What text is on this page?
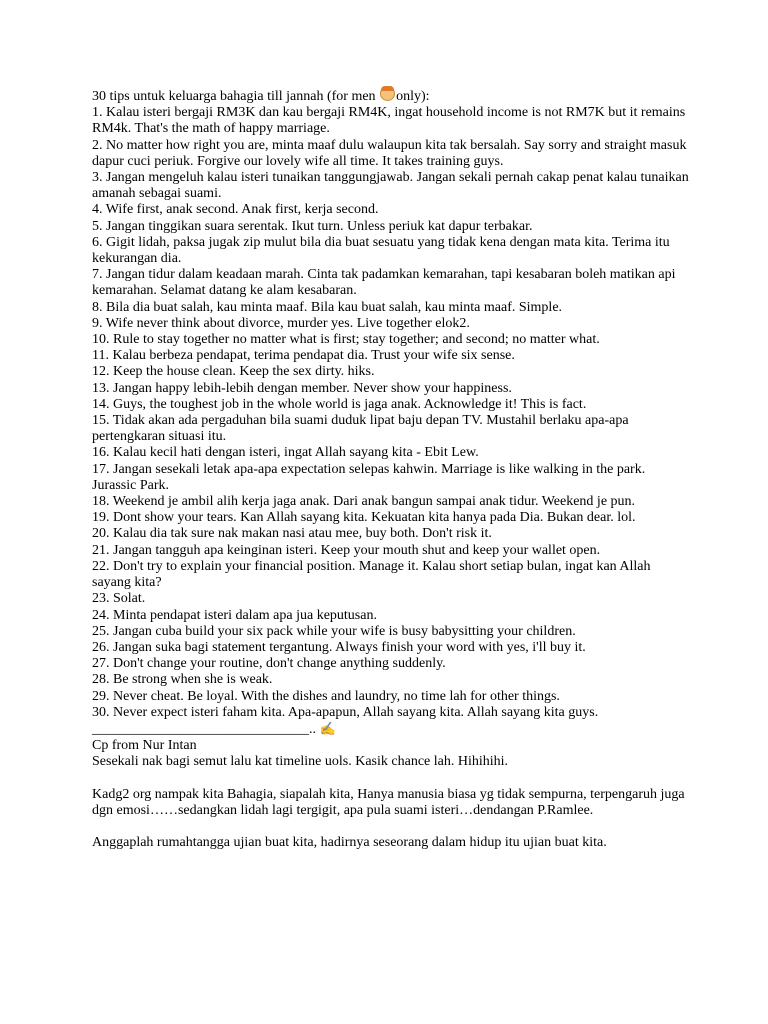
30 tips untuk keluarga bahagia till jannah (for men only):
1. Kalau isteri bergaji RM3K dan kau bergaji RM4K, ingat household income is not RM7K but it remains RM4k. That's the math of happy marriage.
2. No matter how right you are, minta maaf dulu walaupun kita tak bersalah. Say sorry and straight masuk dapur cuci periuk. Forgive our lovely wife all time. It takes training guys.
3. Jangan mengeluh kalau isteri tunaikan tanggungjawab. Jangan sekali pernah cakap penat kalau tunaikan amanah sebagai suami.
4. Wife first, anak second. Anak first, kerja second.
5. Jangan tinggikan suara serentak. Ikut turn. Unless periuk kat dapur terbakar.
6. Gigit lidah, paksa jugak zip mulut bila dia buat sesuatu yang tidak kena dengan mata kita. Terima itu kekurangan dia.
7. Jangan tidur dalam keadaan marah. Cinta tak padamkan kemarahan, tapi kesabaran boleh matikan api kemarahan. Selamat datang ke alam kesabaran.
8. Bila dia buat salah, kau minta maaf. Bila kau buat salah, kau minta maaf. Simple.
9. Wife never think about divorce, murder yes. Live together elok2.
10. Rule to stay together no matter what is first; stay together; and second; no matter what.
11. Kalau berbeza pendapat, terima pendapat dia. Trust your wife six sense.
12. Keep the house clean. Keep the sex dirty. hiks.
13. Jangan happy lebih-lebih dengan member. Never show your happiness.
14. Guys, the toughest job in the whole world is jaga anak. Acknowledge it! This is fact.
15. Tidak akan ada pergaduhan bila suami duduk lipat baju depan TV. Mustahil berlaku apa-apa pertengkaran situasi itu.
16. Kalau kecil hati dengan isteri, ingat Allah sayang kita - Ebit Lew.
17. Jangan sesekali letak apa-apa expectation selepas kahwin. Marriage is like walking in the park. Jurassic Park.
18. Weekend je ambil alih kerja jaga anak. Dari anak bangun sampai anak tidur. Weekend je pun.
19. Dont show your tears. Kan Allah sayang kita. Kekuatan kita hanya pada Dia. Bukan dear. lol.
20. Kalau dia tak sure nak makan nasi atau mee, buy both. Don't risk it.
21. Jangan tangguh apa keinginan isteri. Keep your mouth shut and keep your wallet open.
22. Don't try to explain your financial position. Manage it. Kalau short setiap bulan, ingat kan Allah sayang kita?
23. Solat.
24. Minta pendapat isteri dalam apa jua keputusan.
25. Jangan cuba build your six pack while your wife is busy babysitting your children.
26. Jangan suka bagi statement tergantung. Always finish your word with yes, i'll buy it.
27. Don't change your routine, don't change anything suddenly.
28. Be strong when she is weak.
29. Never cheat. Be loyal. With the dishes and laundry, no time lah for other things.
30. Never expect isteri faham kita. Apa-apapun, Allah sayang kita. Allah sayang kita guys.
_______________________________.. ✍
Cp from Nur Intan
Sesekali nak bagi semut lalu kat timeline uols. Kasik chance lah. Hihihihi.
Kadg2 org nampak kita Bahagia, siapalah kita, Hanya manusia biasa yg tidak sempurna, terpengaruh juga dgn emosi……sedangkan lidah lagi tergigit, apa pula suami isteri…dendangan P.Ramlee.
Anggaplah rumahtangga ujian buat kita, hadirnya seseorang dalam hidup itu ujian buat kita.
